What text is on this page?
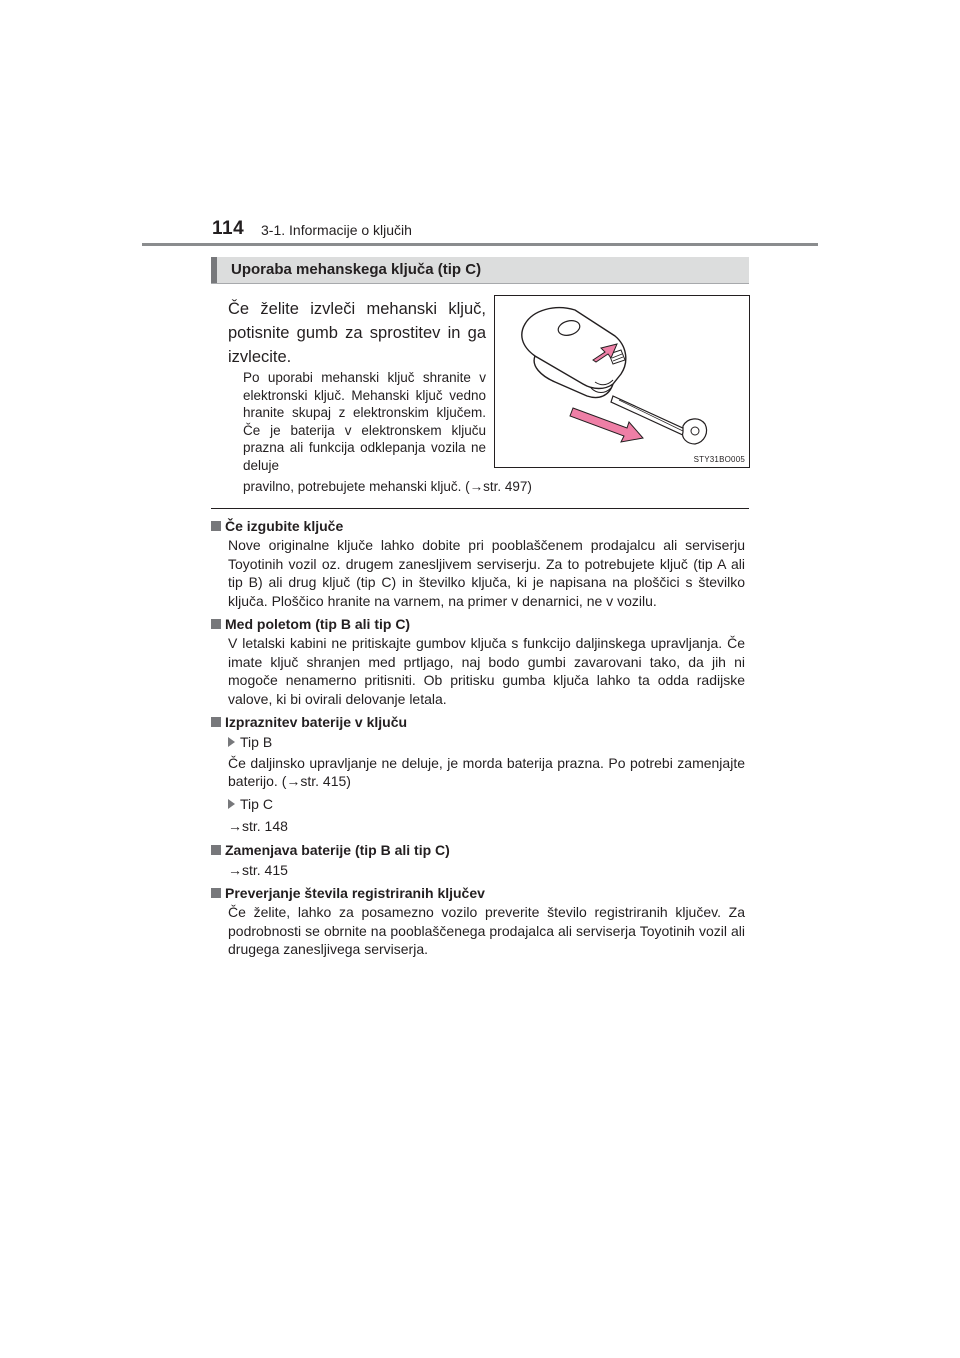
114 3-1. Informacije o ključih
Uporaba mehanskega ključa (tip C)
Če želite izvleči mehanski ključ, potisnite gumb za sprostitev in ga izvlecite.
Po uporabi mehanski ključ shranite v elektronski ključ. Mehanski ključ vedno hranite skupaj z elektronskim ključem. Če je baterija v elektronskem ključu prazna ali funkcija odklepanja vozila ne deluje
pravilno, potrebujete mehanski ključ. (→str. 497)
STY31BO005
Če izgubite ključe
Nove originalne ključe lahko dobite pri pooblaščenem prodajalcu ali serviserju Toyotinih vozil oz. drugem zanesljivem serviserju. Za to potrebujete ključ (tip A ali tip B) ali drug ključ (tip C) in številko ključa, ki je napisana na ploščici s številko ključa. Ploščico hranite na varnem, na primer v denarnici, ne v vozilu.
Med poletom (tip B ali tip C)
V letalski kabini ne pritiskajte gumbov ključa s funkcijo daljinskega upravljanja. Če imate ključ shranjen med prtljago, naj bodo gumbi zavarovani tako, da jih ni mogoče nenamerno pritisniti. Ob pritisku gumba ključa lahko ta odda radijske valove, ki bi ovirali delovanje letala.
Izpraznitev baterije v ključu
Tip B
Če daljinsko upravljanje ne deluje, je morda baterija prazna. Po potrebi zamenjajte baterijo. (→str. 415)
Tip C
→str. 148
Zamenjava baterije (tip B ali tip C)
→str. 415
Preverjanje števila registriranih ključev
Če želite, lahko za posamezno vozilo preverite število registriranih ključev. Za podrobnosti se obrnite na pooblaščenega prodajalca ali serviserja Toyotinih vozil ali drugega zanesljivega serviserja.
